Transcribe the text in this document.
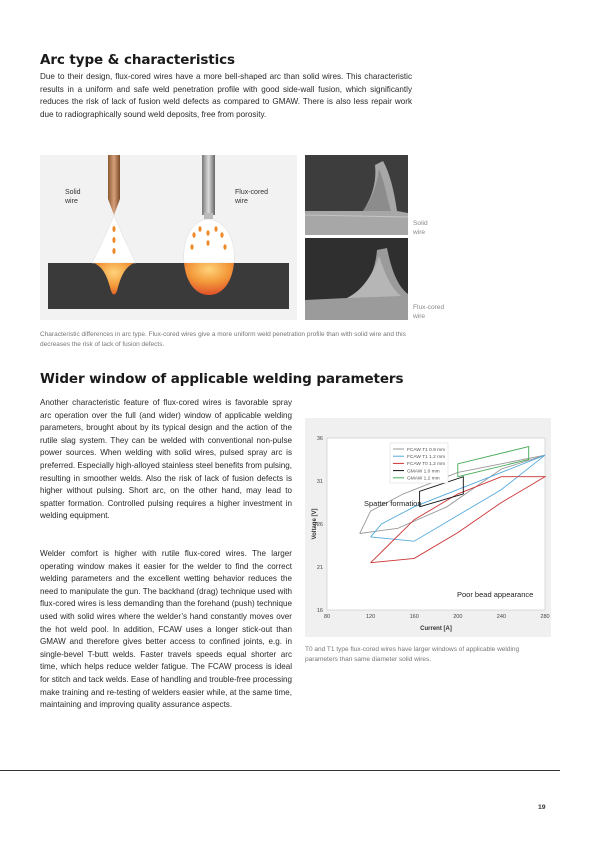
Arc type & characteristics

Due to their design, flux-cored wires have a more bell-shaped arc than solid wires. This characteristic results in a uniform and safe weld penetration profile with good side-wall fusion, which significantly reduces the risk of lack of fusion weld defects as compared to GMAW. There is also less repair work due to radiographically sound weld deposits, free from porosity.

Solid
wire
Flux-cored
wire
Solid
wire
Flux-cored
wire

Characteristic differences in arc type. Flux-cored wires give a more uniform weld penetration profile than with solid wire and this decreases the risk of lack of fusion defects.

Wider window of applicable welding parameters

Another characteristic feature of flux-cored wires is favorable spray arc operation over the full (and wider) window of applicable welding parameters, brought about by its typical design and the action of the rutile slag system. They can be welded with conventional non-pulse power sources. When welding with solid wires, pulsed spray arc is preferred. Especially high-alloyed stainless steel benefits from pulsing, resulting in smoother welds. Also the risk of lack of fusion defects is higher without pulsing. Short arc, on the other hand, may lead to spatter formation. Controlled pulsing requires a higher investment in welding equipment.

Welder comfort is higher with rutile flux-cored wires. The larger operating window makes it easier for the welder to find the correct welding parameters and the excellent wetting behavior reduces the need to manipulate the gun. The backhand (drag) technique used with flux-cored wires is less demanding than the forehand (push) technique used with solid wires where the welder’s hand constantly moves over the hot weld pool. In addition, FCAW uses a longer stick-out than GMAW and therefore gives better access to confined joints, e.g. in single-bevel T-butt welds. Faster travels speeds equal shorter arc time, which helps reduce welder fatigue. The FCAW process is ideal for stitch and tack welds. Ease of handling and trouble-free processing make training and re-testing of welders easier while, at the same time, maintaining and improving quality assurance aspects.

16
21
26
31
36
80	120	160	200	240	280
FCAW T1 0.9 mm
FCAW T1 1.2 mm
FCAW T0 1.2 mm
GMAW 1.0 mm
GMAW 1.2 mm
Spatter formation
Poor bead appearance
Current [A]
Voltage [V]

T0 and T1 type flux-cored wires have larger windows of applicable welding parameters than same diameter solid wires.

19
